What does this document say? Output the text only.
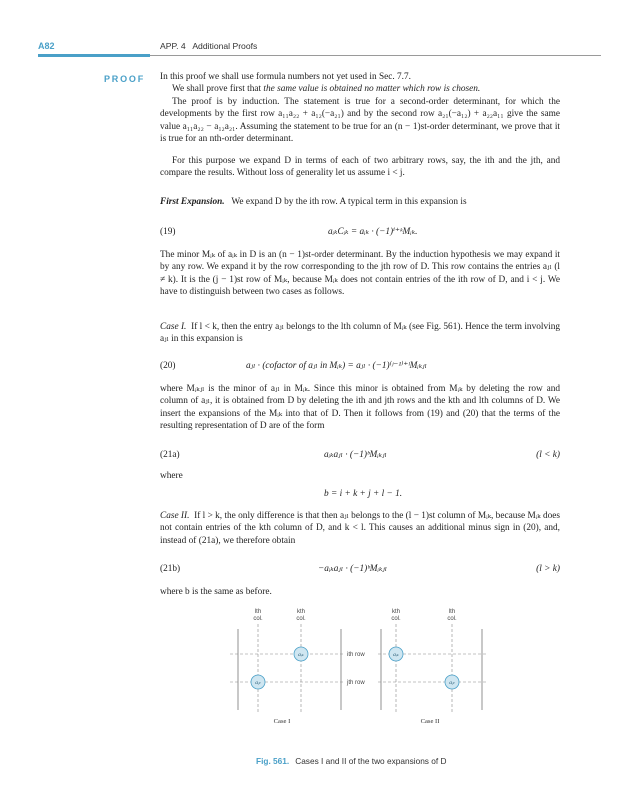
A82	APP. 4   Additional Proofs
PROOF In this proof we shall use formula numbers not yet used in Sec. 7.7.

We shall prove first that the same value is obtained no matter which row is chosen.

The proof is by induction. The statement is true for a second-order determinant, for which the developments by the first row a₁₁a₂₂ + a₁₂(−a₂₁) and by the second row a₂₁(−a₁₂) + a₂₂a₁₁ give the same value a₁₁a₂₂ − a₁₂a₂₁. Assuming the statement to be true for an (n − 1)st-order determinant, we prove that it is true for an nth-order determinant.

For this purpose we expand D in terms of each of two arbitrary rows, say, the ith and the jth, and compare the results. Without loss of generality let us assume i < j.

First Expansion.   We expand D by the ith row. A typical term in this expansion is

(19)	aᵢₖCᵢₖ = aᵢₖ · (−1)ⁱ⁺ᵏMᵢₖ.

The minor Mᵢₖ of aᵢₖ in D is an (n − 1)st-order determinant. By the induction hypothesis we may expand it by any row. We expand it by the row corresponding to the jth row of D. This row contains the entries aⱼₗ (l ≠ k). It is the (j − 1)st row of Mᵢₖ, because Mᵢₖ does not contain entries of the ith row of D, and i < j. We have to distinguish between two cases as follows.

Case I.  If l < k, then the entry aⱼₗ belongs to the lth column of Mᵢₖ (see Fig. 561). Hence the term involving aⱼₗ in this expansion is

(20)	aⱼₗ · (cofactor of aⱼₗ in Mᵢₖ) = aⱼₗ · (−1)⁽ʲ⁻¹⁾⁺ˡMᵢₖⱼₗ

where Mᵢₖⱼₗ is the minor of aⱼₗ in Mᵢₖ. Since this minor is obtained from Mᵢₖ by deleting the row and column of aⱼₗ, it is obtained from D by deleting the ith and jth rows and the kth and lth columns of D. We insert the expansions of the Mᵢₖ into that of D. Then it follows from (19) and (20) that the terms of the resulting representation of D are of the form

(21a)	aᵢₖaⱼₗ · (−1)ᵇMᵢₖⱼₗ	(l < k)
where
b = i + k + j + l − 1.

Case II.  If l > k, the only difference is that then aⱼₗ belongs to the (l − 1)st column of Mᵢₖ, because Mᵢₖ does not contain entries of the kth column of D, and k < l. This causes an additional minus sign in (20), and, instead of (21a), we therefore obtain

(21b)	−aᵢₖaⱼₗ · (−1)ᵇMᵢₖⱼₗ	(l > k)
where b is the same as before.
lth
col.
kth
col.
aᵢₖ
aⱼₗ
Case I
ith row
jth row
kth
col.
lth
col.
aᵢₖ
aⱼₗ
Case II
Fig. 561. Cases I and II of the two expansions of D
